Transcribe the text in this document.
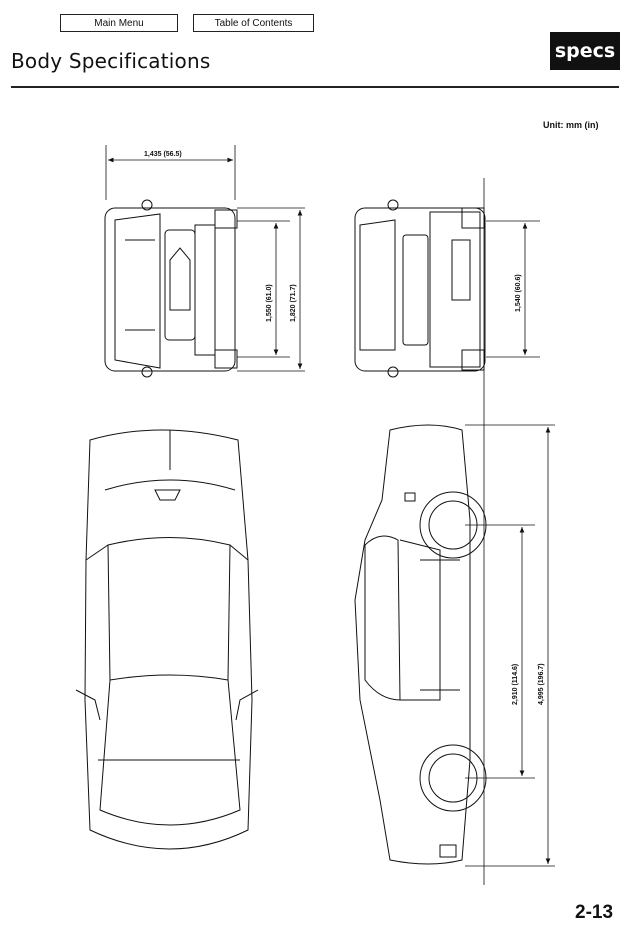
Main Menu	Table of Contents
Body Specifications	specs
Unit: mm (in)
1,435 (56.5)
1,550 (61.0) 1,820 (71.7)	1,540 (60.6)
2,910 (114.6)	4,995 (196.7)
2-13
